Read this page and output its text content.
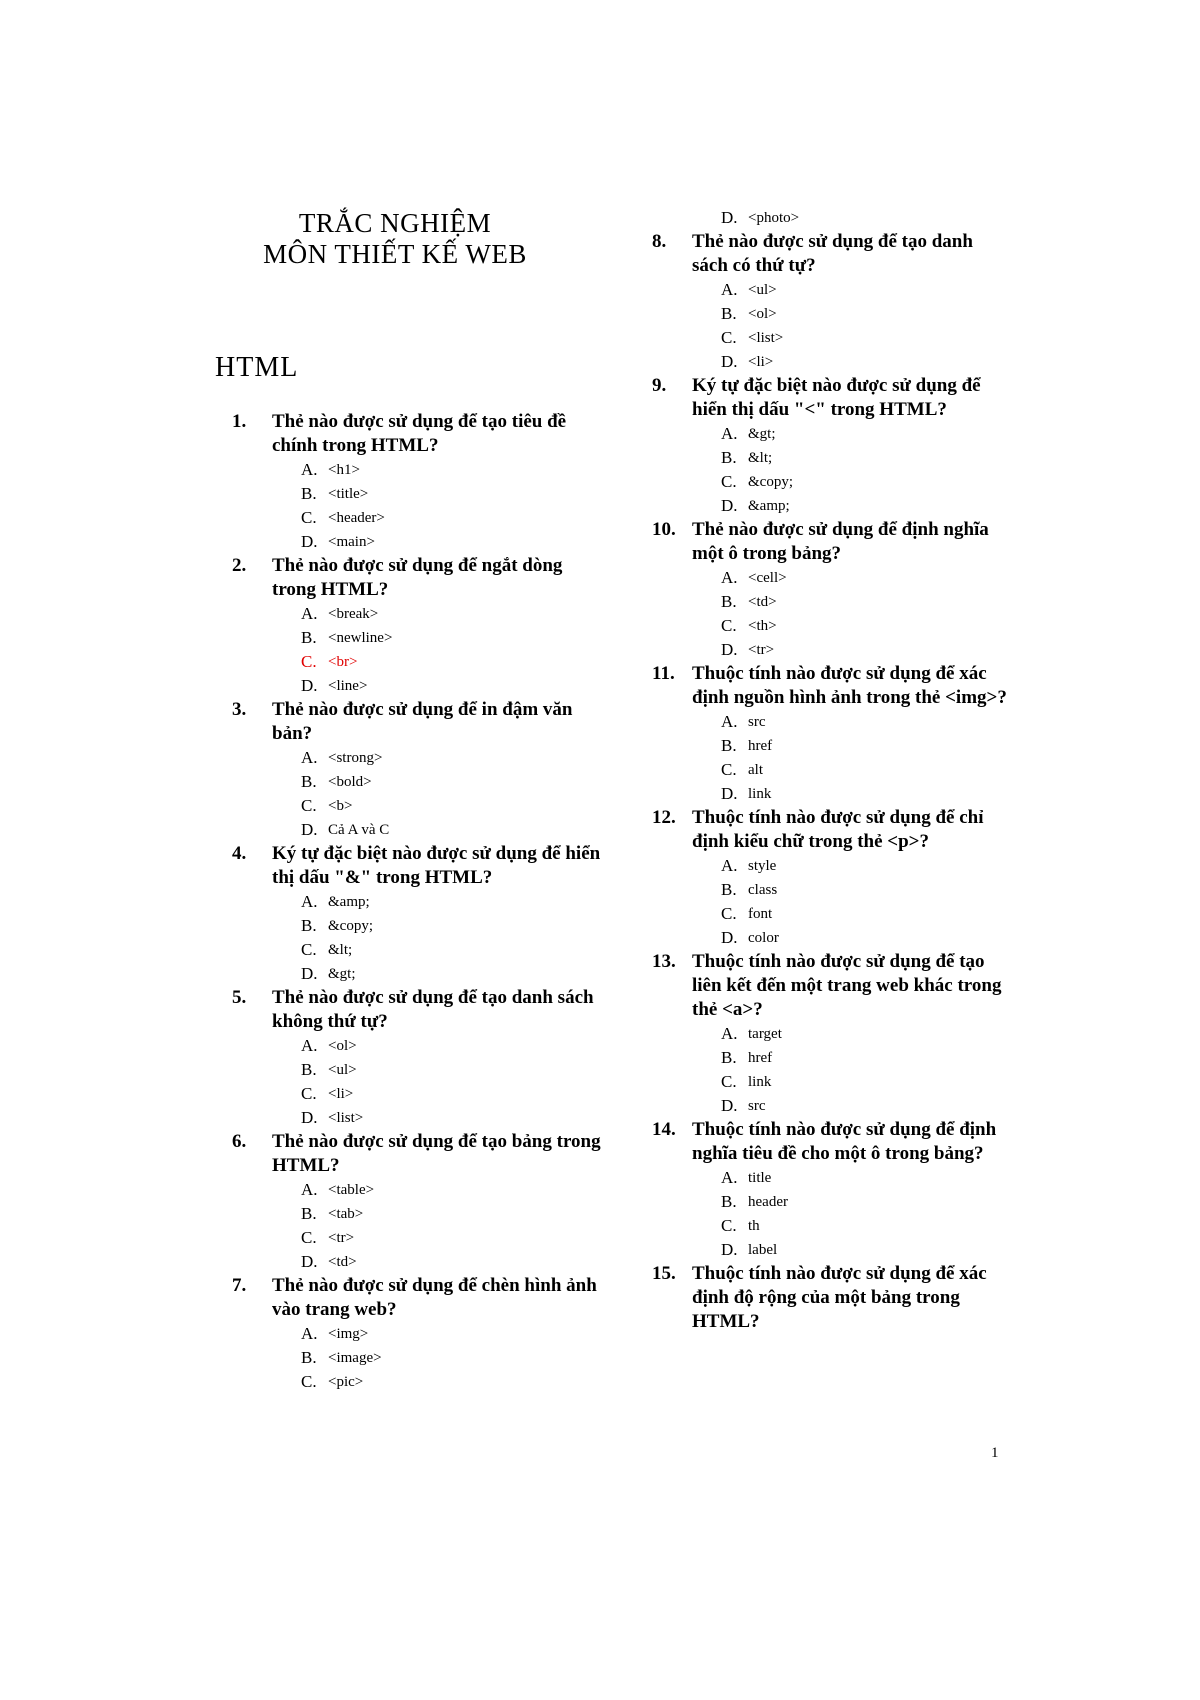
TRẮC NGHIỆM
MÔN THIẾT KẾ WEB
HTML
1. Thẻ nào được sử dụng để tạo tiêu đề chính trong HTML?
A. <h1>
B. <title>
C. <header>
D. <main>
2. Thẻ nào được sử dụng để ngắt dòng trong HTML?
A. <break>
B. <newline>
C. <br>
D. <line>
3. Thẻ nào được sử dụng để in đậm văn bản?
A. <strong>
B. <bold>
C. <b>
D. Cả A và C
4. Ký tự đặc biệt nào được sử dụng để hiển thị dấu "&" trong HTML?
A. &amp;
B. &copy;
C. &lt;
D. &gt;
5. Thẻ nào được sử dụng để tạo danh sách không thứ tự?
A. <ol>
B. <ul>
C. <li>
D. <list>
6. Thẻ nào được sử dụng để tạo bảng trong HTML?
A. <table>
B. <tab>
C. <tr>
D. <td>
7. Thẻ nào được sử dụng để chèn hình ảnh vào trang web?
A. <img>
B. <image>
C. <pic>
D. <photo>
8. Thẻ nào được sử dụng để tạo danh sách có thứ tự?
A. <ul>
B. <ol>
C. <list>
D. <li>
9. Ký tự đặc biệt nào được sử dụng để hiển thị dấu "<" trong HTML?
A. &gt;
B. &lt;
C. &copy;
D. &amp;
10. Thẻ nào được sử dụng để định nghĩa một ô trong bảng?
A. <cell>
B. <td>
C. <th>
D. <tr>
11. Thuộc tính nào được sử dụng để xác định nguồn hình ảnh trong thẻ <img>?
A. src
B. href
C. alt
D. link
12. Thuộc tính nào được sử dụng để chỉ định kiểu chữ trong thẻ <p>?
A. style
B. class
C. font
D. color
13. Thuộc tính nào được sử dụng để tạo liên kết đến một trang web khác trong thẻ <a>?
A. target
B. href
C. link
D. src
14. Thuộc tính nào được sử dụng để định nghĩa tiêu đề cho một ô trong bảng?
A. title
B. header
C. th
D. label
15. Thuộc tính nào được sử dụng để xác định độ rộng của một bảng trong HTML?
1
